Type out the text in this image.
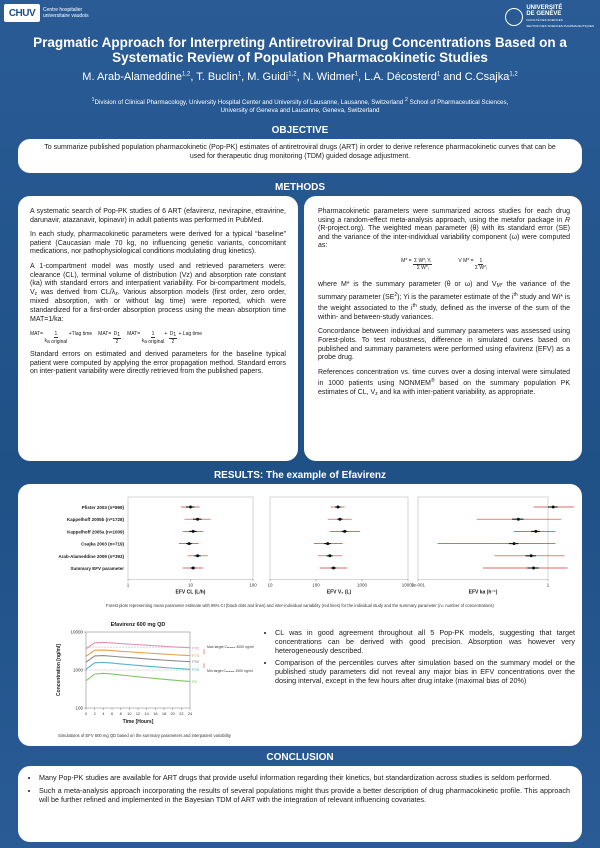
CHUV	Centre hospitalier
universitaire vaudois
UNIVERSITÉ
DE GENÈVE
FACULTÉ DES SCIENCES
SECTION DES SCIENCES PHARMACEUTIQUES
Pragmatic Approach for Interpreting Antiretroviral Drug Concentrations Based on a Systematic Review of Population Pharmacokinetic Studies
M. Arab-Alameddine$^{1,2}$, T. Buclin$^1$, M. Guidi$^{1,2}$, N. Widmer$^1$, L.A. Décosterd$^1$ and C.Csajka$^{1,2}$
$^1$Division of Clinical Pharmacology, University Hospital Center and University of Lausanne, Lausanne, Switzerland $^2$ School of Pharmaceutical Sciences,
University of Geneva and Lausanne, Geneva, Switzerland
OBJECTIVE
To summarize published population pharmacokinetic (Pop-PK) estimates of antiretroviral drugs (ART) in order to derive reference pharmacokinetic curves that can be used for therapeutic drug monitoring (TDM) guided dosage adjustment.
METHODS

A systematic search of Pop-PK studies of 6 ART (efavirenz, nevirapine, etravirine, darunavir, atazanavir, lopinavir) in adult patients was performed in PubMed.

In each study, pharmacokinetic parameters were derived for a typical “baseline” patient (Caucasian male 70 kg, no influencing genetic variants, concomitant medications, nor pathophysiological conditions modulating drug kinetics).

A 1-compartment model was mostly used and retrieved parameters were: clearance (CL), terminal volume of distribution (Vz) and absorption rate constant (ka) with standard errors and interpatient variability. For bi-compartment models, Vz was derived from CL/λz. Various absorption models (first order, zero order, mixed absorption, with or without lag time) were reported, which were standardized for a first-order absorption process using the mean absorption time MAT=1/ka:

$MAT= \frac{1}{\text{ka original}}$ +Tlag time $MAT= \frac{D1}{2} MAT= \frac{1}{\text{ka original}} + \frac{D1}{2}$ + Lag time

Standard errors on estimated and derived parameters for the baseline typical patient were computed by applying the error propagation method. Standard errors on inter-patient variability were directly retrieved from the published papers.

Pharmacokinetic parameters were summarized across studies for each drug using a random-effect meta-analysis approach, using the metafor package in R (R-project.org). The weighted mean parameter (θ) with its standard error (SE) and the variance of the inter-individual variability component (ω) were computed as:

$M* = \frac{\text{Σ W*ᵢ Yᵢ}}{\text{Σ W*ᵢ}}$	V $M* = \frac{1}{\text{Σ W*ᵢ}}$

where M* is the summary parameter (θ or ω) and VM* the variance of the summary parameter $(SE^2)$; Yi is the parameter estimate of the $i^{th}$ study and Wi* is the weight associated to the $i^{th}$ study, defined as the inverse of the sum of the within- and between-study variances.

Concordance between individual and summary parameters was assessed using Forest-plots. To test robustness, difference in simulated curves based on published and summary parameters were performed using efavirenz (EFV) as a probe drug.

References concentration vs. time curves over a dosing interval were simulated in 1000 patients using NONMEM® based on the summary population PK estimates of CL, Vz and ka with inter-patient variability, as appropriate.

RESULTS: The example of Efavirenz
Pfister 2003 (n=899)
Kappelhoff 2005b (n=1728)
Kappelhoff 2005a (n=1009)
Csajka 2003 (n=719)
Arab-Alameddine 2009 (n=393)
Summary EFV parameter
1	10	100
EFV CL (L/h)
10	100	1000	10000
EFV V₂ (L)
1e-001	1
EFV ka (h⁻¹)
Forest plots representing mean parameter estimate with 95% CI (black dots and lines) and inter-individual variability (red lines) for the individual study and the summary parameter (n= number of concentrations)
Efavirenz 600 mg QD
100
1000
10000
0 2 4 6 8 10 12 14 16 18 20 22 24
Time [Hours]
Concentration [ng/ml]	P95
P75
P50
P25
P5
Max target Cₘᵢₙₘᵢₙ 4000 ng/ml
Min target Cₘᵢₙₘᵢₙ 1000 ng/ml
Simulations of EFV 600 mg QD based on the summary parameters and interpatient variability
• CL was in good agreement throughout all 5 Pop-PK models, suggesting that target concentrations can be derived with good precision. Absorption was however very heterogeneously described.
• Comparison of the percentiles curves after simulation based on the summary model or the published study parameters did not reveal any major bias in EFV concentrations over the dosing interval, except in the few hours after drug intake (maximal bias of 20%)
CONCLUSION
• Many Pop-PK studies are available for ART drugs that provide useful information regarding their kinetics, but standardization across studies is seldom performed.
• Such a meta-analysis approach incorporating the results of several populations might thus provide a better description of drug pharmacokinetic profile. This approach will be further refined and implemented in the Bayesian TDM of ART with the integration of relevant influencing covariates.
